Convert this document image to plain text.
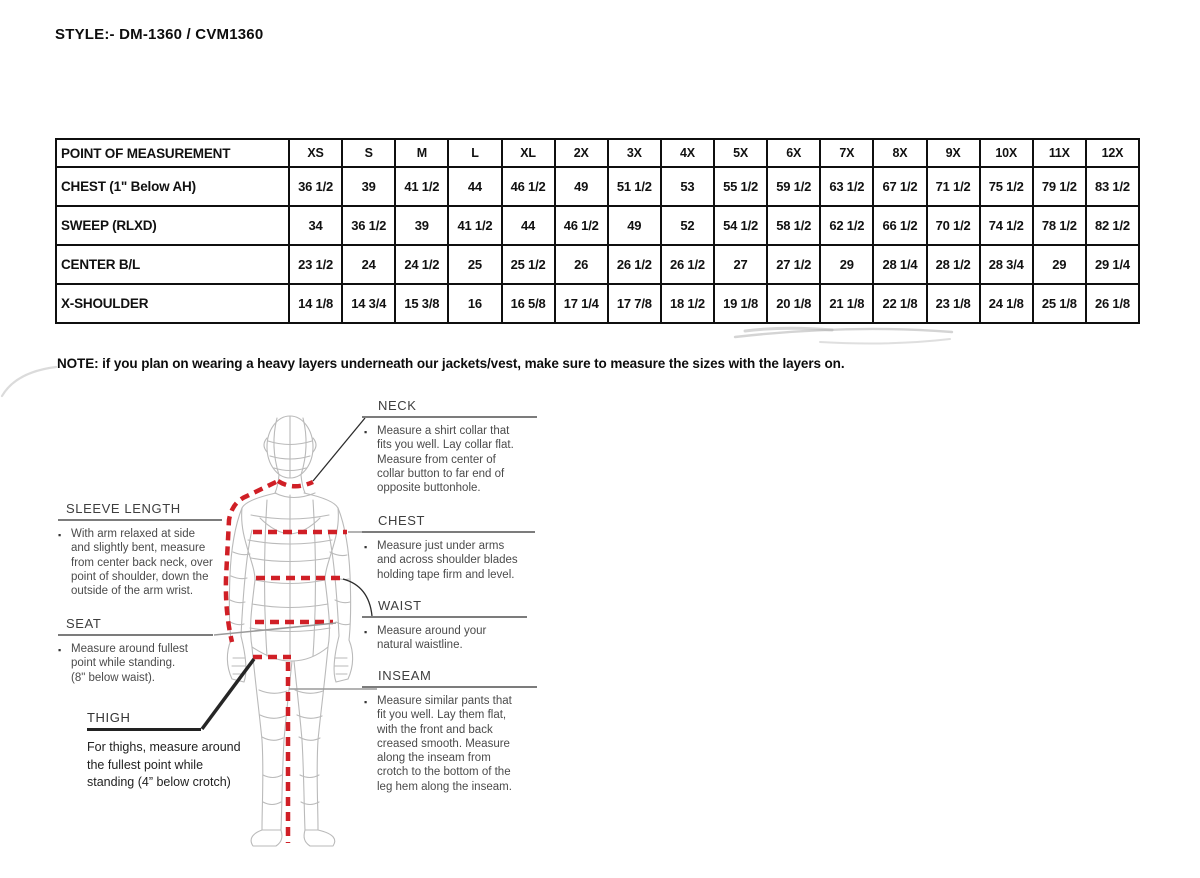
STYLE:- DM-1360 / CVM1360
POINT OF MEASUREMENT	XS	S	M	L	XL	2X	3X	4X	5X	6X	7X	8X	9X	10X	11X	12X
CHEST (1" Below AH)	36 1/2	39	41 1/2	44	46 1/2	49	51 1/2	53	55 1/2	59 1/2	63 1/2	67 1/2	71 1/2	75 1/2	79 1/2	83 1/2
SWEEP (RLXD)	34	36 1/2	39	41 1/2	44	46 1/2	49	52	54 1/2	58 1/2	62 1/2	66 1/2	70 1/2	74 1/2	78 1/2	82 1/2
CENTER B/L	23 1/2	24	24 1/2	25	25 1/2	26	26 1/2	26 1/2	27	27 1/2	29	28 1/4	28 1/2	28 3/4	29	29 1/4
X-SHOULDER	14 1/8	14 3/4	15 3/8	16	16 5/8	17 1/4	17 7/8	18 1/2	19 1/8	20 1/8	21 1/8	22 1/8	23 1/8	24 1/8	25 1/8	26 1/8
NOTE: if you plan on wearing a heavy layers underneath our jackets/vest, make sure to measure the sizes with the layers on.
SLEEVE LENGTH
▪ With arm relaxed at side
and slightly bent, measure
from center back neck, over
point of shoulder, down the
outside of the arm wrist.
SEAT
▪ Measure around fullest
point while standing.
(8" below waist).
THIGH
For thighs, measure around
the fullest point while
standing (4” below crotch)
NECK
▪ Measure a shirt collar that
fits you well. Lay collar flat.
Measure from center of
collar button to far end of
opposite buttonhole.
CHEST
▪ Measure just under arms
and across shoulder blades
holding tape firm and level.
WAIST
▪ Measure around your
natural waistline.
INSEAM
▪ Measure similar pants that
fit you well. Lay them flat,
with the front and back
creased smooth. Measure
along the inseam from
crotch to the bottom of the
leg hem along the inseam.
